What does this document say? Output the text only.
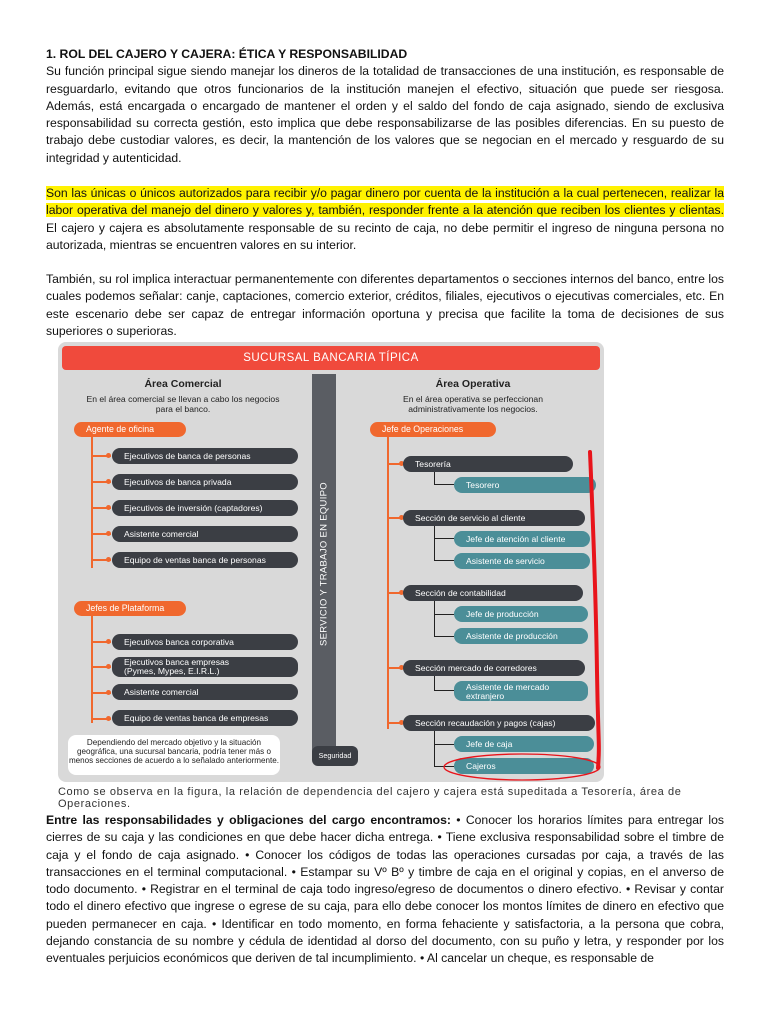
1. ROL DEL CAJERO Y CAJERA: ÉTICA Y RESPONSABILIDAD
Su función principal sigue siendo manejar los dineros de la totalidad de transacciones de una institución, es responsable de resguardarlo, evitando que otros funcionarios de la institución manejen el efectivo, situación que puede ser riesgosa. Además, está encargada o encargado de mantener el orden y el saldo del fondo de caja asignado, siendo de exclusiva responsabilidad su correcta gestión, esto implica que debe responsabilizarse de las posibles diferencias. En su puesto de trabajo debe custodiar valores, es decir, la mantención de los valores que se negocian en el mercado y resguardo de su integridad y autenticidad.
Son las únicas o únicos autorizados para recibir y/o pagar dinero por cuenta de la institución a la cual pertenecen, realizar la labor operativa del manejo del dinero y valores y, también, responder frente a la atención que reciben los clientes y clientas. El cajero y cajera es absolutamente responsable de su recinto de caja, no debe permitir el ingreso de ninguna persona no autorizada, mientras se encuentren valores en su interior.
También, su rol implica interactuar permanentemente con diferentes departamentos o secciones internos del banco, entre los cuales podemos señalar: canje, captaciones, comercio exterior, créditos, filiales, ejecutivos o ejecutivas comerciales, etc. En este escenario debe ser capaz de entregar información oportuna y precisa que facilite la toma de decisiones de sus superiores o superioras.
SUCURSAL BANCARIA TÍPICA
Área Comercial
En el área comercial se llevan a cabo los negocios para el banco.
Área Operativa
En el área operativa se perfeccionan administrativamente los negocios.
SERVICIO Y TRABAJO EN EQUIPO
Seguridad
Agente de oficina
Ejecutivos de banca de personas
Ejecutivos de banca privada
Ejecutivos de inversión (captadores)
Asistente comercial
Equipo de ventas banca de personas
Jefes de Plataforma
Ejecutivos banca corporativa
Ejecutivos banca empresas
(Pymes, Mypes, E.I.R.L.)
Asistente comercial
Equipo de ventas banca de empresas
Dependiendo del mercado objetivo y la situación geográfica, una sucursal bancaria, podría tener más o menos secciones de acuerdo a lo señalado anteriormente.
Jefe de Operaciones
Tesorería
Sección de servicio al cliente
Sección de contabilidad
Sección mercado de corredores
Sección recaudación y pagos (cajas)
Tesorero
Jefe de atención al cliente
Asistente de servicio
Jefe de producción
Asistente de producción
Asistente de mercado
extranjero
Jefe de caja
Cajeros
Como se observa en la figura, la relación de dependencia del cajero y cajera está supeditada a Tesorería, área de Operaciones.
Entre las responsabilidades y obligaciones del cargo encontramos: • Conocer los horarios límites para entregar los cierres de su caja y las condiciones en que debe hacer dicha entrega. • Tiene exclusiva responsabilidad sobre el timbre de caja y el fondo de caja asignado. • Conocer los códigos de todas las operaciones cursadas por caja, a través de las transacciones en el terminal computacional. • Estampar su Vº Bº y timbre de caja en el original y copias, en el anverso de todo documento. • Registrar en el terminal de caja todo ingreso/egreso de documentos o dinero efectivo. • Revisar y contar todo el dinero efectivo que ingrese o egrese de su caja, para ello debe conocer los montos límites de dinero en efectivo que pueden permanecer en caja. • Identificar en todo momento, en forma fehaciente y satisfactoria, a la persona que cobra, dejando constancia de su nombre y cédula de identidad al dorso del documento, con su puño y letra, y responder por los eventuales perjuicios económicos que deriven de tal incumplimiento. • Al cancelar un cheque, es responsable de
